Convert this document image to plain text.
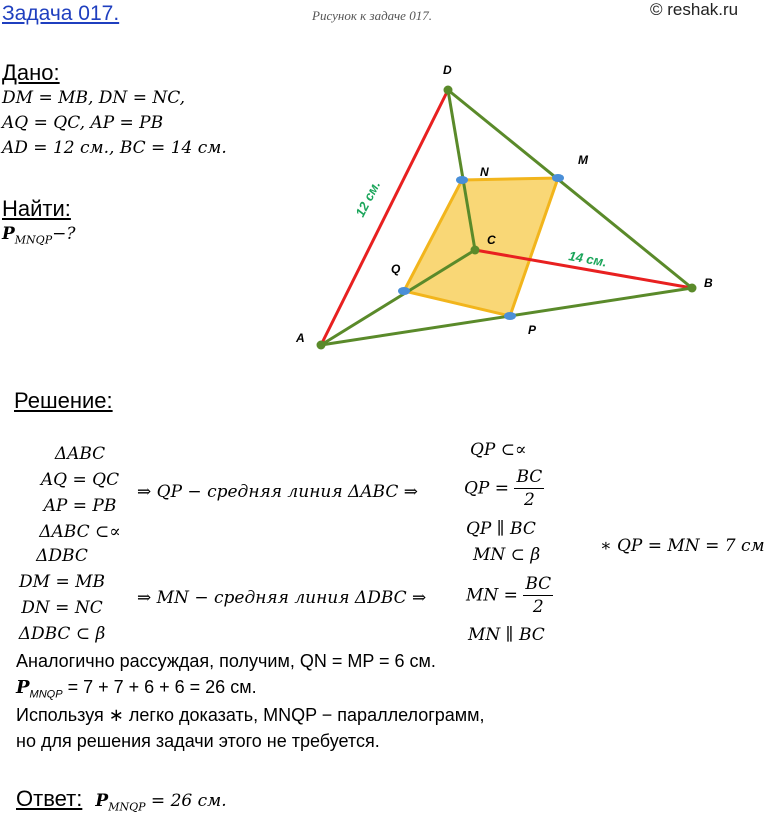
Задача 017.	Рисунок к задаче 017.	© reshak.ru
Дано:
DM = MB, DN = NC,
AQ = QC, AP = PB
AD = 12 см., BC = 14 см.
Найти:
$P_{MNQP}-$?
D
M
N
C
Q
B
A
P
12 см.
14 см.
Решение:
ΔABC
AQ = QC
AP = PB
ΔABC ⊂∝
⇒ QP − средняя линия ΔABC ⇒
QP ⊂∝
QP = $\frac{BC}{2}$
QP ∥ BC
ΔDBC
DM = MB
DN = NC
ΔDBC ⊂ β
⇒ MN − средняя линия ΔDBC ⇒
MN ⊂ β
MN = $\frac{BC}{2}$
MN ∥ BC
∗ QP = MN = 7 см
Аналогично рассуждая, получим, QN = MP = 6 см.
$P_{MNQP} = 7 + 7 + 6 + 6 = 26$ см.
Используя ∗ легко доказать, MNQP − параллелограмм,
но для решения задачи этого не требуется.
Ответ: $P_{MNQP} = 26$ см.
